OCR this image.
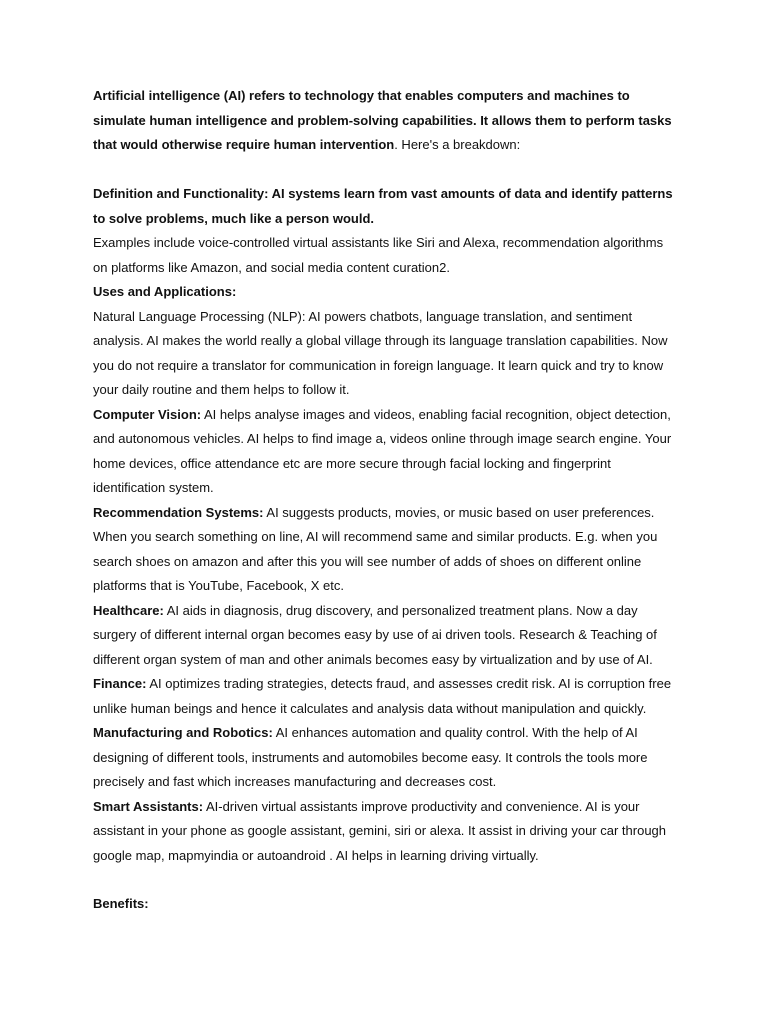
Artificial intelligence (AI) refers to technology that enables computers and machines to simulate human intelligence and problem-solving capabilities. It allows them to perform tasks that would otherwise require human intervention. Here's a breakdown:

Definition and Functionality: AI systems learn from vast amounts of data and identify patterns to solve problems, much like a person would.

Examples include voice-controlled virtual assistants like Siri and Alexa, recommendation algorithms on platforms like Amazon, and social media content curation2.

Uses and Applications:

Natural Language Processing (NLP): AI powers chatbots, language translation, and sentiment analysis. AI makes the world really a global village through its language translation capabilities. Now you do not require a translator for communication in foreign language. It learn quick and try to know your daily routine and them helps to follow it.

Computer Vision: AI helps analyse images and videos, enabling facial recognition, object detection, and autonomous vehicles. AI helps to find image a, videos online through image search engine. Your home devices, office attendance etc are more secure through facial locking and fingerprint identification system.

Recommendation Systems: AI suggests products, movies, or music based on user preferences. When you search something on line, AI will recommend same and similar products. E.g. when you search shoes on amazon and after this you will see number of adds of shoes on different online platforms that is YouTube, Facebook, X etc.

Healthcare: AI aids in diagnosis, drug discovery, and personalized treatment plans. Now a day surgery of different internal organ becomes easy by use of ai driven tools. Research & Teaching of different organ system of man and other animals becomes easy by virtualization and by use of AI.

Finance: AI optimizes trading strategies, detects fraud, and assesses credit risk. AI is corruption free unlike human beings and hence it calculates and analysis data without manipulation and quickly.

Manufacturing and Robotics: AI enhances automation and quality control. With the help of AI designing of different tools, instruments and automobiles become easy. It controls the tools more precisely and fast which increases manufacturing and decreases cost.

Smart Assistants: AI-driven virtual assistants improve productivity and convenience. AI is your assistant in your phone as google assistant, gemini, siri or alexa. It assist in driving your car through google map, mapmyindia or autoandroid . AI helps in learning driving virtually.

Benefits:
